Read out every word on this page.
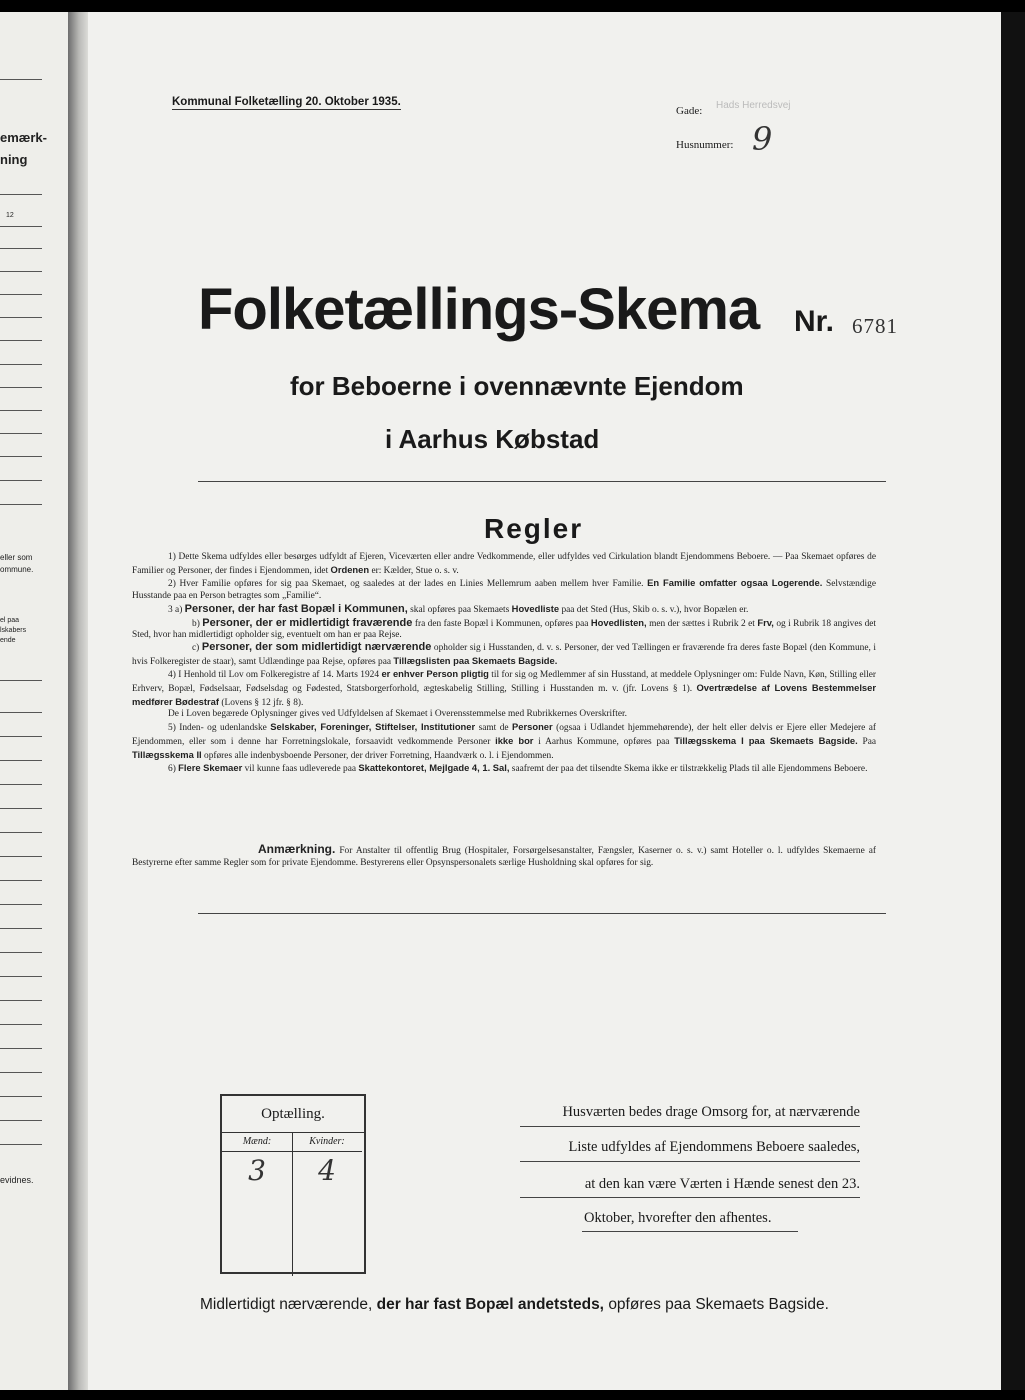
emærk-
ning
12
eller som
ommune.
el paa
lskabers
ende
evidnes.
Kommunal Folketælling 20. Oktober 1935.
Gade: Hads Herredsvej
Husnummer: 9
Folketællings-Skema Nr. 6781
for Beboerne i ovennævnte Ejendom
i Aarhus Købstad
Regler

1) Dette Skema udfyldes eller besørges udfyldt af Ejeren, Viceværten eller andre Vedkommende, eller udfyldes ved Cirkulation blandt Ejendommens Beboere. — Paa Skemaet opføres de Familier og Personer, der findes i Ejendommen, idet Ordenen er: Kælder, Stue o. s. v.

2) Hver Familie opføres for sig paa Skemaet, og saaledes at der lades en Linies Mellemrum aaben mellem hver Familie. En Familie omfatter ogsaa Logerende. Selvstændige Husstande paa en Person betragtes som „Familie“.

3 a) Personer, der har fast Bopæl i Kommunen, skal opføres paa Skemaets Hovedliste paa det Sted (Hus, Skib o. s. v.), hvor Bopælen er.

b) Personer, der er midlertidigt fraværende fra den faste Bopæl i Kommunen, opføres paa Hovedlisten, men der sættes i Rubrik 2 et Frv, og i Rubrik 18 angives det Sted, hvor han midlertidigt opholder sig, eventuelt om han er paa Rejse.

c) Personer, der som midlertidigt nærværende opholder sig i Husstanden, d. v. s. Personer, der ved Tællingen er fraværende fra deres faste Bopæl (den Kommune, i hvis Folkeregister de staar), samt Udlændinge paa Rejse, opføres paa Tillægslisten paa Skemaets Bagside.

4) I Henhold til Lov om Folkeregistre af 14. Marts 1924 er enhver Person pligtig til for sig og Medlemmer af sin Husstand, at meddele Oplysninger om: Fulde Navn, Køn, Stilling eller Erhverv, Bopæl, Fødselsaar, Fødselsdag og Fødested, Statsborgerforhold, ægteskabelig Stilling, Stilling i Husstanden m. v. (jfr. Lovens § 1). Overtrædelse af Lovens Bestemmelser medfører Bødestraf (Lovens § 12 jfr. § 8).

De i Loven begærede Oplysninger gives ved Udfyldelsen af Skemaet i Overensstemmelse med Rubrikkernes Overskrifter.

5) Inden- og udenlandske Selskaber, Foreninger, Stiftelser, Institutioner samt de Personer (ogsaa i Udlandet hjemmehørende), der helt eller delvis er Ejere eller Medejere af Ejendommen, eller som i denne har Forretningslokale, forsaavidt vedkommende Personer ikke bor i Aarhus Kommune, opføres paa Tillægsskema I paa Skemaets Bagside. Paa Tillægsskema II opføres alle indenbysboende Personer, der driver Forretning, Haandværk o. l. i Ejendommen.

6) Flere Skemaer vil kunne faas udleverede paa Skattekontoret, Mejlgade 4, 1. Sal, saafremt der paa det tilsendte Skema ikke er tilstrækkelig Plads til alle Ejendommens Beboere.

Anmærkning. For Anstalter til offentlig Brug (Hospitaler, Forsørgelsesanstalter, Fængsler, Kaserner o. s. v.) samt Hoteller o. l. udfyldes Skemaerne af Bestyrerne efter samme Regler som for private Ejendomme. Bestyrerens eller Opsynspersonalets særlige Husholdning skal opføres for sig.

Optælling.
Mænd:
3
Kvinder:
4
Husværten bedes drage Omsorg for, at nærværende
Liste udfyldes af Ejendommens Beboere saaledes,
at den kan være Værten i Hænde senest den 23.
Oktober, hvorefter den afhentes.
Midlertidigt nærværende, der har fast Bopæl andetsteds, opføres paa Skemaets Bagside.
